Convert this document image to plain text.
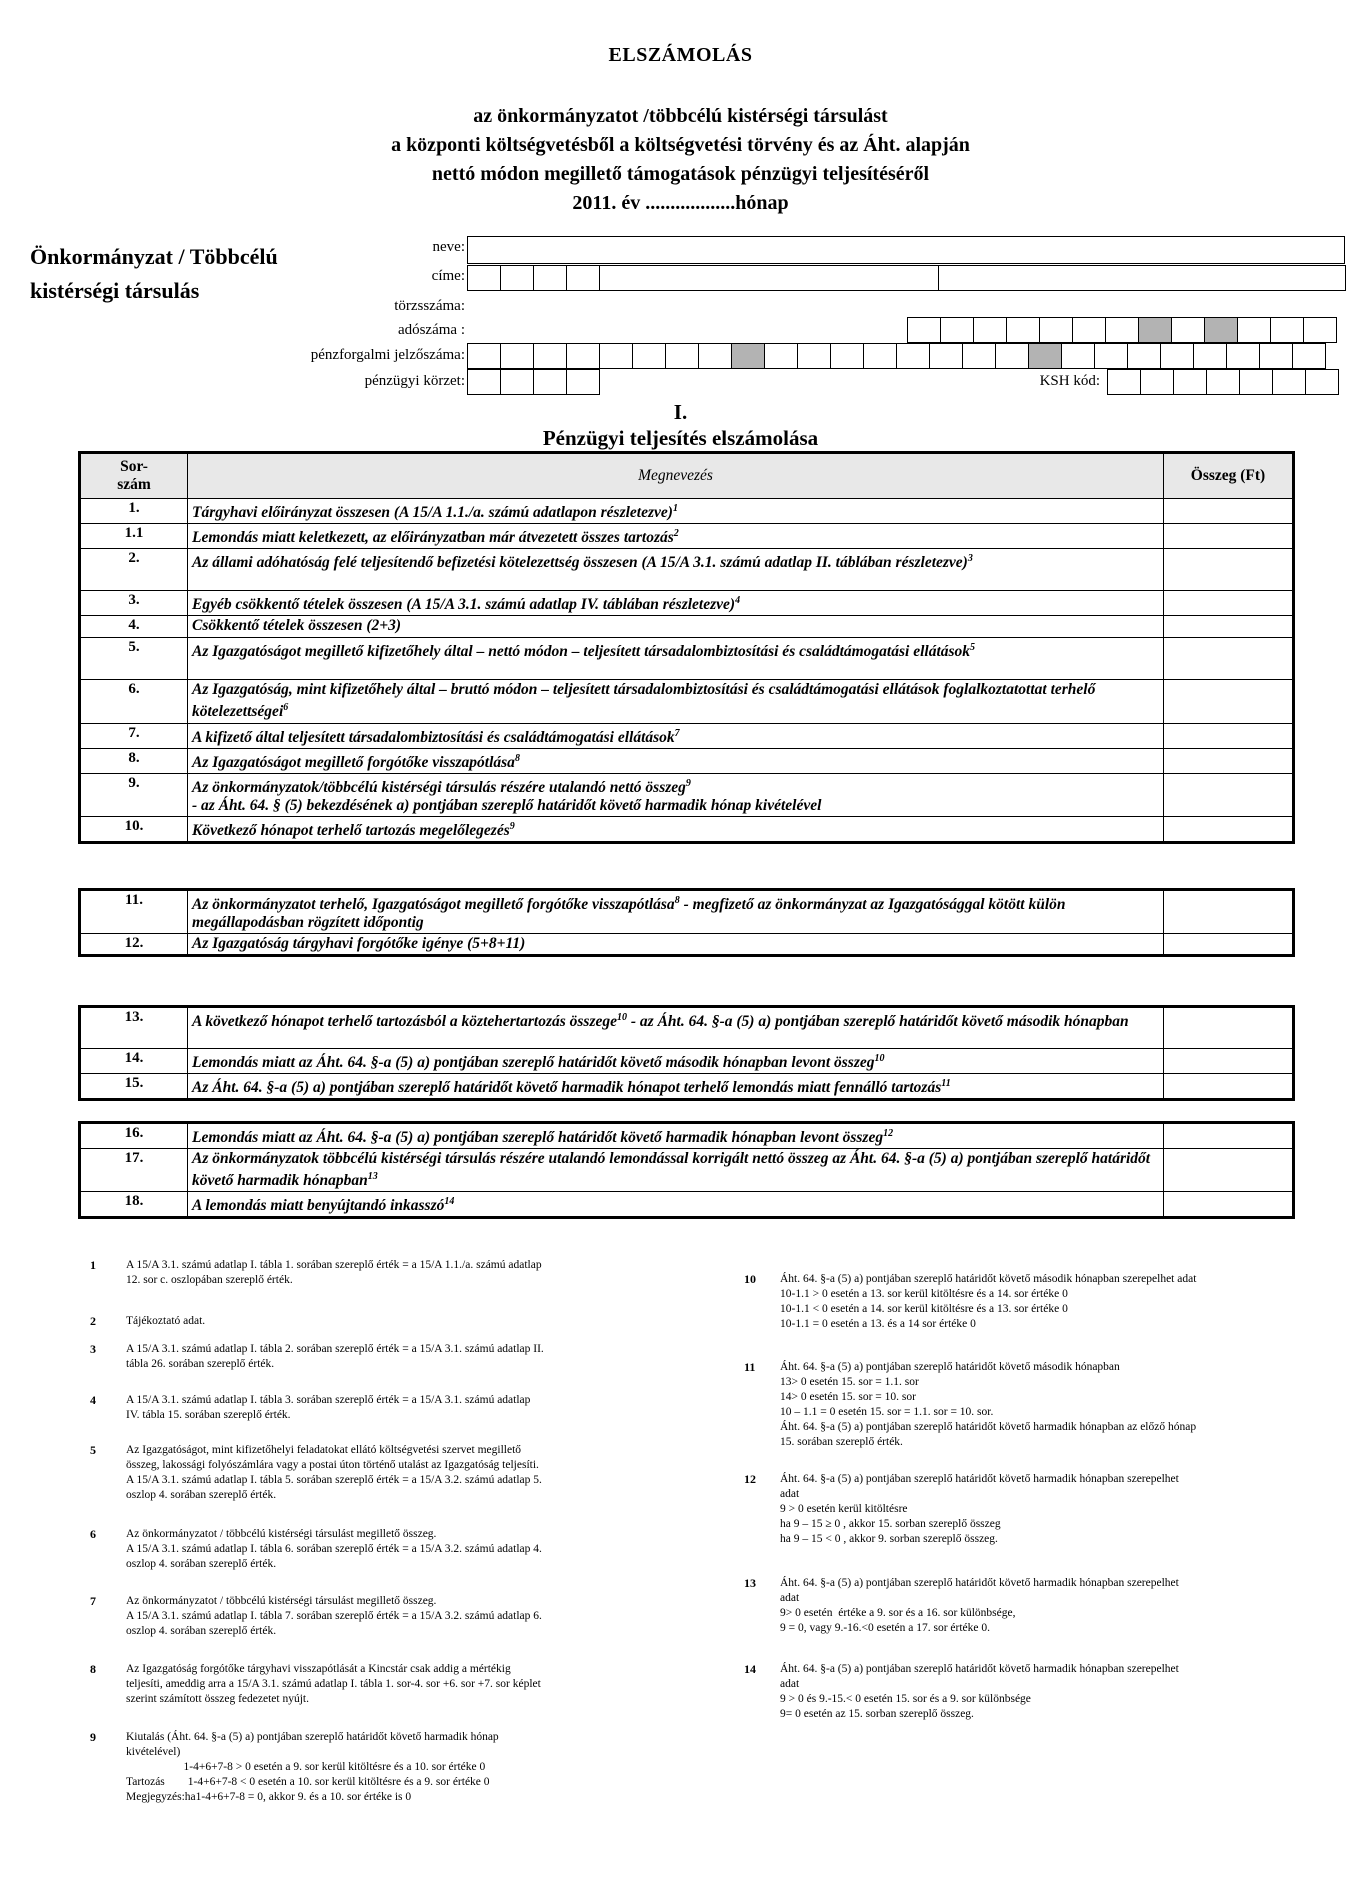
ELSZÁMOLÁS
az önkormányzatot /többcélú kistérségi társulást
a központi költségvetésből a költségvetési törvény és az Áht. alapján
nettó módon megillető támogatások pénzügyi teljesítéséről
2011. év ..................hónap
Önkormányzat / Többcélú
kistérségi társulás
neve:
címe:
törzsszáma:
adószáma :
pénzforgalmi jelzőszáma:
pénzügyi körzet:	KSH kód:
I.
Pénzügyi teljesítés elszámolása
Sor-
szám	Megnevezés	Összeg (Ft)
1.	Tárgyhavi előirányzat összesen (A 15/A 1.1./a. számú adatlapon részletezve)$^1$	
1.1	Lemondás miatt keletkezett, az előirányzatban már átvezetett összes tartozás$^2$	
2.	Az állami adóhatóság felé teljesítendő befizetési kötelezettség összesen (A 15/A 3.1. számú adatlap II. táblában részletezve)$^3$	
3.	Egyéb csökkentő tételek összesen (A 15/A 3.1. számú adatlap IV. táblában részletezve)$^4$	
4.	Csökkentő tételek összesen (2+3)	
5.	Az Igazgatóságot megillető kifizetőhely által – nettó módon – teljesített társadalombiztosítási és családtámogatási ellátások$^5$	
6.	Az Igazgatóság, mint kifizetőhely által – bruttó módon – teljesített társadalombiztosítási és családtámogatási ellátások foglalkoztatottat terhelő kötelezettségei$^6$	
7.	A kifizető által teljesített társadalombiztosítási és családtámogatási ellátások$^7$	
8.	Az Igazgatóságot megillető forgótőke visszapótlása$^8$	
9.	Az önkormányzatok/többcélú kistérségi társulás részére utalandó nettó összeg$^9$
- az Áht. 64. § (5) bekezdésének a) pontjában szereplő határidőt követő harmadik hónap kivételével	
10.	Következő hónapot terhelő tartozás megelőlegezés$^9$	
11.	Az önkormányzatot terhelő, Igazgatóságot megillető forgótőke visszapótlása$^8$ - megfizető az önkormányzat az Igazgatósággal kötött külön megállapodásban rögzített időpontig	
12.	Az Igazgatóság tárgyhavi forgótőke igénye (5+8+11)	
13.	A következő hónapot terhelő tartozásból a köztehertartozás összege$^{10}$ - az Áht. 64. §-a (5) a) pontjában szereplő határidőt követő második hónapban	
14.	Lemondás miatt az Áht. 64. §-a (5) a) pontjában szereplő határidőt követő második hónapban levont összeg$^{10}$	
15.	Az Áht. 64. §-a (5) a) pontjában szereplő határidőt követő harmadik hónapot terhelő lemondás miatt fennálló tartozás$^{11}$	
16.	Lemondás miatt az Áht. 64. §-a (5) a) pontjában szereplő határidőt követő harmadik hónapban levont összeg$^{12}$	
17.	Az önkormányzatok többcélú kistérségi társulás részére utalandó lemondással korrigált nettó összeg az Áht. 64. §-a (5) a) pontjában szereplő határidőt követő harmadik hónapban$^{13}$	
18.	A lemondás miatt benyújtandó inkasszó$^{14}$	
1	A 15/A 3.1. számú adatlap I. tábla 1. sorában szereplő érték = a 15/A 1.1./a. számú adatlap
12. sor c. oszlopában szereplő érték.
2	Tájékoztató adat.
3	A 15/A 3.1. számú adatlap I. tábla 2. sorában szereplő érték = a 15/A 3.1. számú adatlap II.
tábla 26. sorában szereplő érték.
4	A 15/A 3.1. számú adatlap I. tábla 3. sorában szereplő érték = a 15/A 3.1. számú adatlap
IV. tábla 15. sorában szereplő érték.
5	Az Igazgatóságot, mint kifizetőhelyi feladatokat ellátó költségvetési szervet megillető
összeg, lakossági folyószámlára vagy a postai úton történő utalást az Igazgatóság teljesíti.
A 15/A 3.1. számú adatlap I. tábla 5. sorában szereplő érték = a 15/A 3.2. számú adatlap 5.
oszlop 4. sorában szereplő érték.
6	Az önkormányzatot / többcélú kistérségi társulást megillető összeg.
A 15/A 3.1. számú adatlap I. tábla 6. sorában szereplő érték = a 15/A 3.2. számú adatlap 4.
oszlop 4. sorában szereplő érték.
7	Az önkormányzatot / többcélú kistérségi társulást megillető összeg.
A 15/A 3.1. számú adatlap I. tábla 7. sorában szereplő érték = a 15/A 3.2. számú adatlap 6.
oszlop 4. sorában szereplő érték.
8	Az Igazgatóság forgótőke tárgyhavi visszapótlását a Kincstár csak addig a mértékig
teljesíti, ameddig arra a 15/A 3.1. számú adatlap I. tábla 1. sor-4. sor +6. sor +7. sor képlet
szerint számított összeg fedezetet nyújt.
9	Kiutalás (Áht. 64. §-a (5) a) pontjában szereplő határidőt követő harmadik hónap
kivételével)
1-4+6+7-8 > 0 esetén a 9. sor kerül kitöltésre és a 10. sor értéke 0
Tartozás        1-4+6+7-8 < 0 esetén a 10. sor kerül kitöltésre és a 9. sor értéke 0
Megjegyzés:ha1-4+6+7-8 = 0, akkor 9. és a 10. sor értéke is 0
10 Áht. 64. §-a (5) a) pontjában szereplő határidőt követő második hónapban szerepelhet adat
10-1.1 > 0 esetén a 13. sor kerül kitöltésre és a 14. sor értéke 0
10-1.1 < 0 esetén a 14. sor kerül kitöltésre és a 13. sor értéke 0
10-1.1 = 0 esetén a 13. és a 14 sor értéke 0
11 Áht. 64. §-a (5) a) pontjában szereplő határidőt követő második hónapban
13> 0 esetén 15. sor = 1.1. sor
14> 0 esetén 15. sor = 10. sor
10 – 1.1 = 0 esetén 15. sor = 1.1. sor = 10. sor.
Áht. 64. §-a (5) a) pontjában szereplő határidőt követő harmadik hónapban az előző hónap
15. sorában szereplő érték.
12 Áht. 64. §-a (5) a) pontjában szereplő határidőt követő harmadik hónapban szerepelhet
adat
9 > 0 esetén kerül kitöltésre
ha 9 – 15 ≥ 0 , akkor 15. sorban szereplő összeg
ha 9 – 15 < 0 , akkor 9. sorban szereplő összeg.
13 Áht. 64. §-a (5) a) pontjában szereplő határidőt követő harmadik hónapban szerepelhet
adat
9> 0 esetén  értéke a 9. sor és a 16. sor különbsége,
9 = 0, vagy 9.-16.<0 esetén a 17. sor értéke 0.
14 Áht. 64. §-a (5) a) pontjában szereplő határidőt követő harmadik hónapban szerepelhet
adat
9 > 0 és 9.-15.< 0 esetén 15. sor és a 9. sor különbsége
9= 0 esetén az 15. sorban szereplő összeg.
